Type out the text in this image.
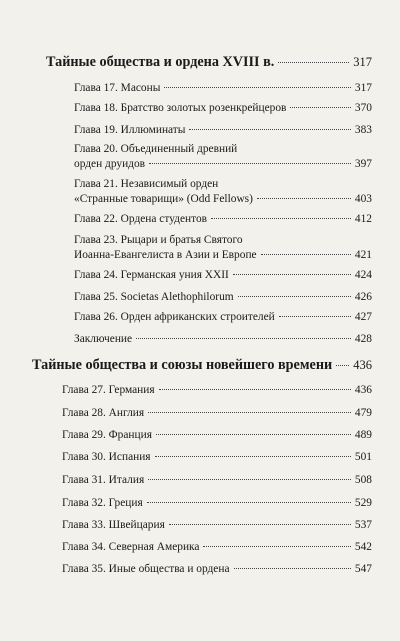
Тайные общества и ордена XVIII в.	317
Глава 17. Масоны	317
Глава 18. Братство золотых розенкрейцеров	370
Глава 19. Иллюминаты	383
Глава 20. Объединенный древний
орден друидов	397
Глава 21. Независимый орден
«Странные товарищи» (Odd Fellows)	403
Глава 22. Ордена студентов	412
Глава 23. Рыцари и братья Святого
Иоанна-Евангелиста в Азии и Европе	421
Глава 24. Германская уния XXII	424
Глава 25. Societas Alethophilorum	426
Глава 26. Орден африканских строителей	427
Заключение	428
Тайные общества и союзы новейшего времени 436
Глава 27. Германия	436
Глава 28. Англия	479
Глава 29. Франция	489
Глава 30. Испания	501
Глава 31. Италия	508
Глава 32. Греция	529
Глава 33. Швейцария	537
Глава 34. Северная Америка	542
Глава 35. Иные общества и ордена	547
